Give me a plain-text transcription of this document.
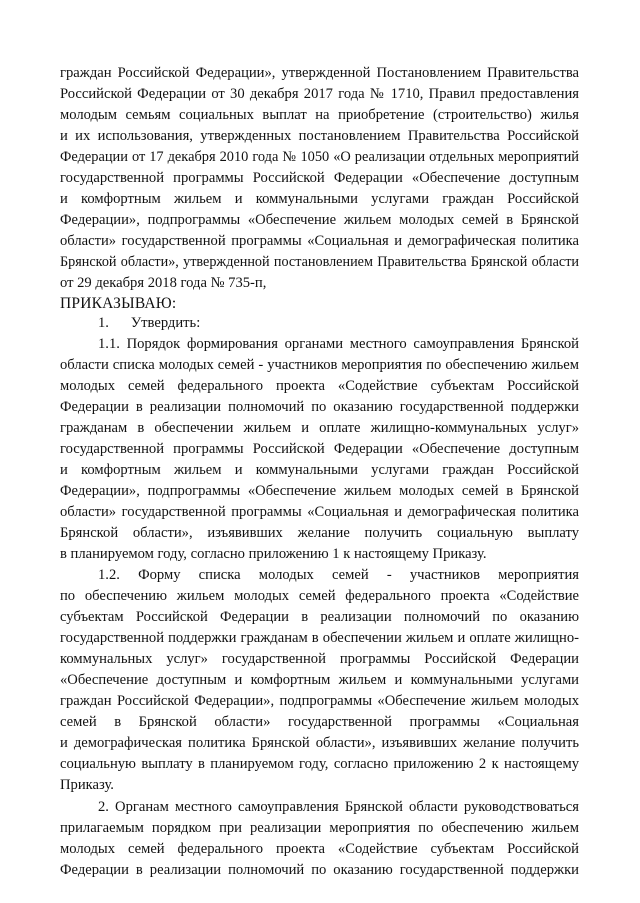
граждан Российской Федерации», утвержденной Постановлением Правительства
Российской Федерации от 30 декабря 2017 года № 1710, Правил предоставления
молодым семьям социальных выплат на приобретение (строительство) жилья
и их использования, утвержденных постановлением Правительства Российской
Федерации от 17 декабря 2010 года № 1050 «О реализации отдельных мероприятий
государственной программы Российской Федерации «Обеспечение доступным
и комфортным жильем и коммунальными услугами граждан Российской
Федерации», подпрограммы «Обеспечение жильем молодых семей в Брянской
области» государственной программы «Социальная и демографическая политика
Брянской области», утвержденной постановлением Правительства Брянской области
от 29 декабря 2018 года № 735-п,
ПРИКАЗЫВАЮ:
1.      Утвердить:
1.1. Порядок формирования органами местного самоуправления Брянской
области списка молодых семей - участников мероприятия по обеспечению жильем
молодых семей федерального проекта «Содействие субъектам Российской
Федерации в реализации полномочий по оказанию государственной поддержки
гражданам в обеспечении жильем и оплате жилищно-коммунальных услуг»
государственной программы Российской Федерации «Обеспечение доступным
и комфортным жильем и коммунальными услугами граждан Российской
Федерации», подпрограммы «Обеспечение жильем молодых семей в Брянской
области» государственной программы «Социальная и демографическая политика
Брянской области», изъявивших желание получить социальную выплату
в планируемом году, согласно приложению 1 к настоящему Приказу.
1.2. Форму списка молодых семей - участников мероприятия
по обеспечению жильем молодых семей федерального проекта «Содействие
субъектам Российской Федерации в реализации полномочий по оказанию
государственной поддержки гражданам в обеспечении жильем и оплате жилищно-
коммунальных услуг» государственной программы Российской Федерации
«Обеспечение доступным и комфортным жильем и коммунальными услугами
граждан Российской Федерации», подпрограммы «Обеспечение жильем молодых
семей в Брянской области» государственной программы «Социальная
и демографическая политика Брянской области», изъявивших желание получить
социальную выплату в планируемом году, согласно приложению 2 к настоящему
Приказу.
2. Органам местного самоуправления Брянской области руководствоваться
прилагаемым порядком при реализации мероприятия по обеспечению жильем
молодых семей федерального проекта «Содействие субъектам Российской
Федерации в реализации полномочий по оказанию государственной поддержки
